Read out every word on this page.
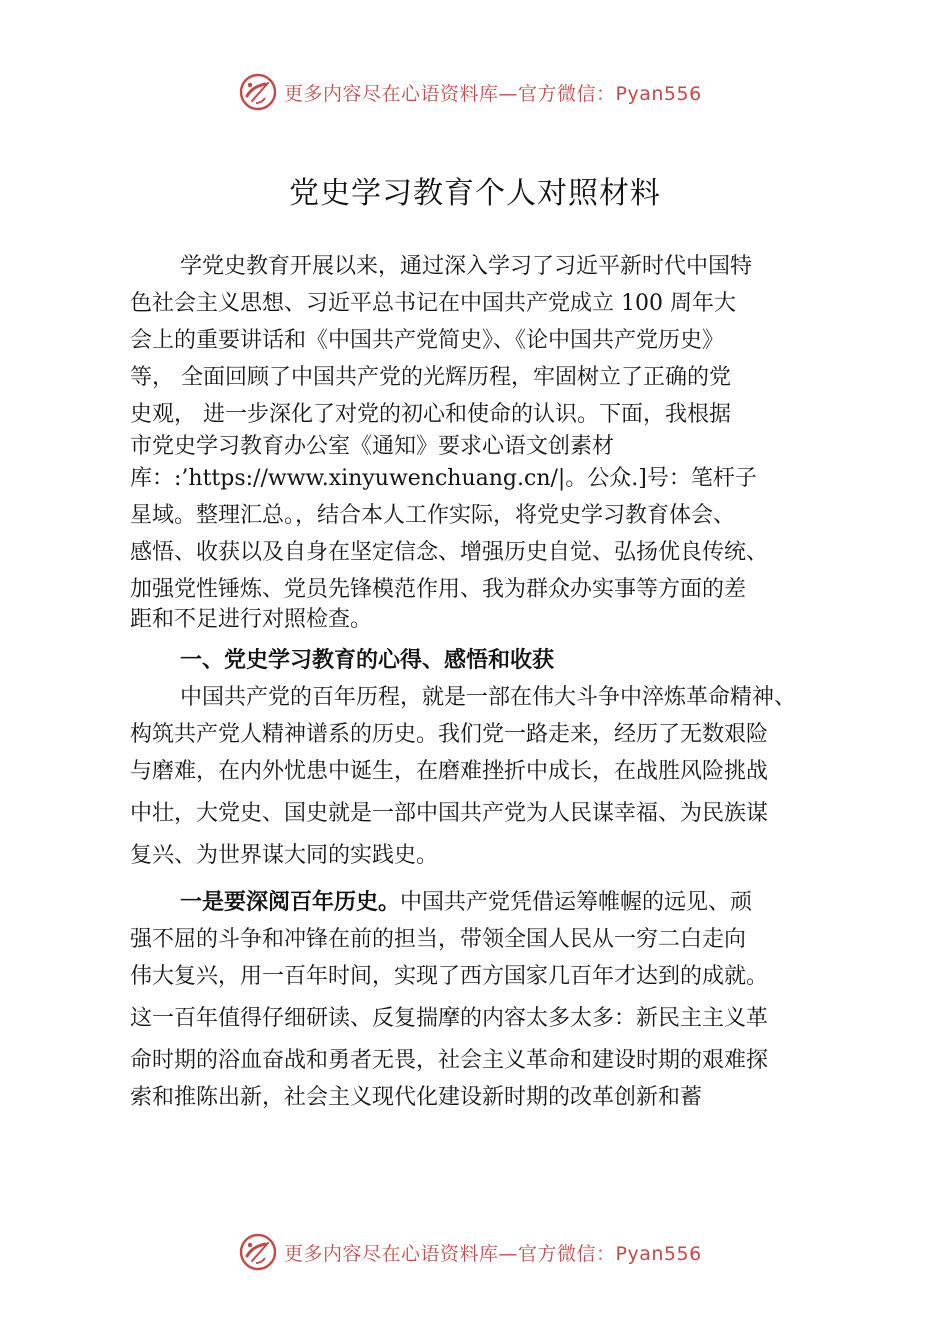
更多内容尽在心语资料库—官方微信：Pyan556
党史学习教育个人对照材料
学党史教育开展以来，通过深入学习了习近平新时代中国特
色社会主义思想、习近平总书记在中国共产党成立 100 周年大
会上的重要讲话和《中国共产党简史》、《论中国共产党历史》
等， 全面回顾了中国共产党的光辉历程，牢固树立了正确的党
史观， 进一步深化了对党的初心和使命的认识。下面，我根据
市党史学习教育办公室《通知》要求心语文创素材
库：:’https://www.xinyuwenchuang.cn/|。公众.]号：笔杆子
星域。整理汇总。，结合本人工作实际，将党史学习教育体会、
感悟、收获以及自身在坚定信念、增强历史自觉、弘扬优良传统、
加强党性锤炼、党员先锋模范作用、我为群众办实事等方面的差
距和不足进行对照检查。
一、党史学习教育的心得、感悟和收获
中国共产党的百年历程，就是一部在伟大斗争中淬炼革命精神、
构筑共产党人精神谱系的历史。我们党一路走来，经历了无数艰险
与磨难，在内外忧患中诞生，在磨难挫折中成长，在战胜风险挑战
中壮，大党史、国史就是一部中国共产党为人民谋幸福、为民族谋
复兴、为世界谋大同的实践史。
一是要深阅百年历史。中国共产党凭借运筹帷幄的远见、顽
强不屈的斗争和冲锋在前的担当，带领全国人民从一穷二白走向
伟大复兴，用一百年时间，实现了西方国家几百年才达到的成就。
这一百年值得仔细研读、反复揣摩的内容太多太多：新民主主义革
命时期的浴血奋战和勇者无畏，社会主义革命和建设时期的艰难探
索和推陈出新，社会主义现代化建设新时期的改革创新和蓄
更多内容尽在心语资料库—官方微信：Pyan556
